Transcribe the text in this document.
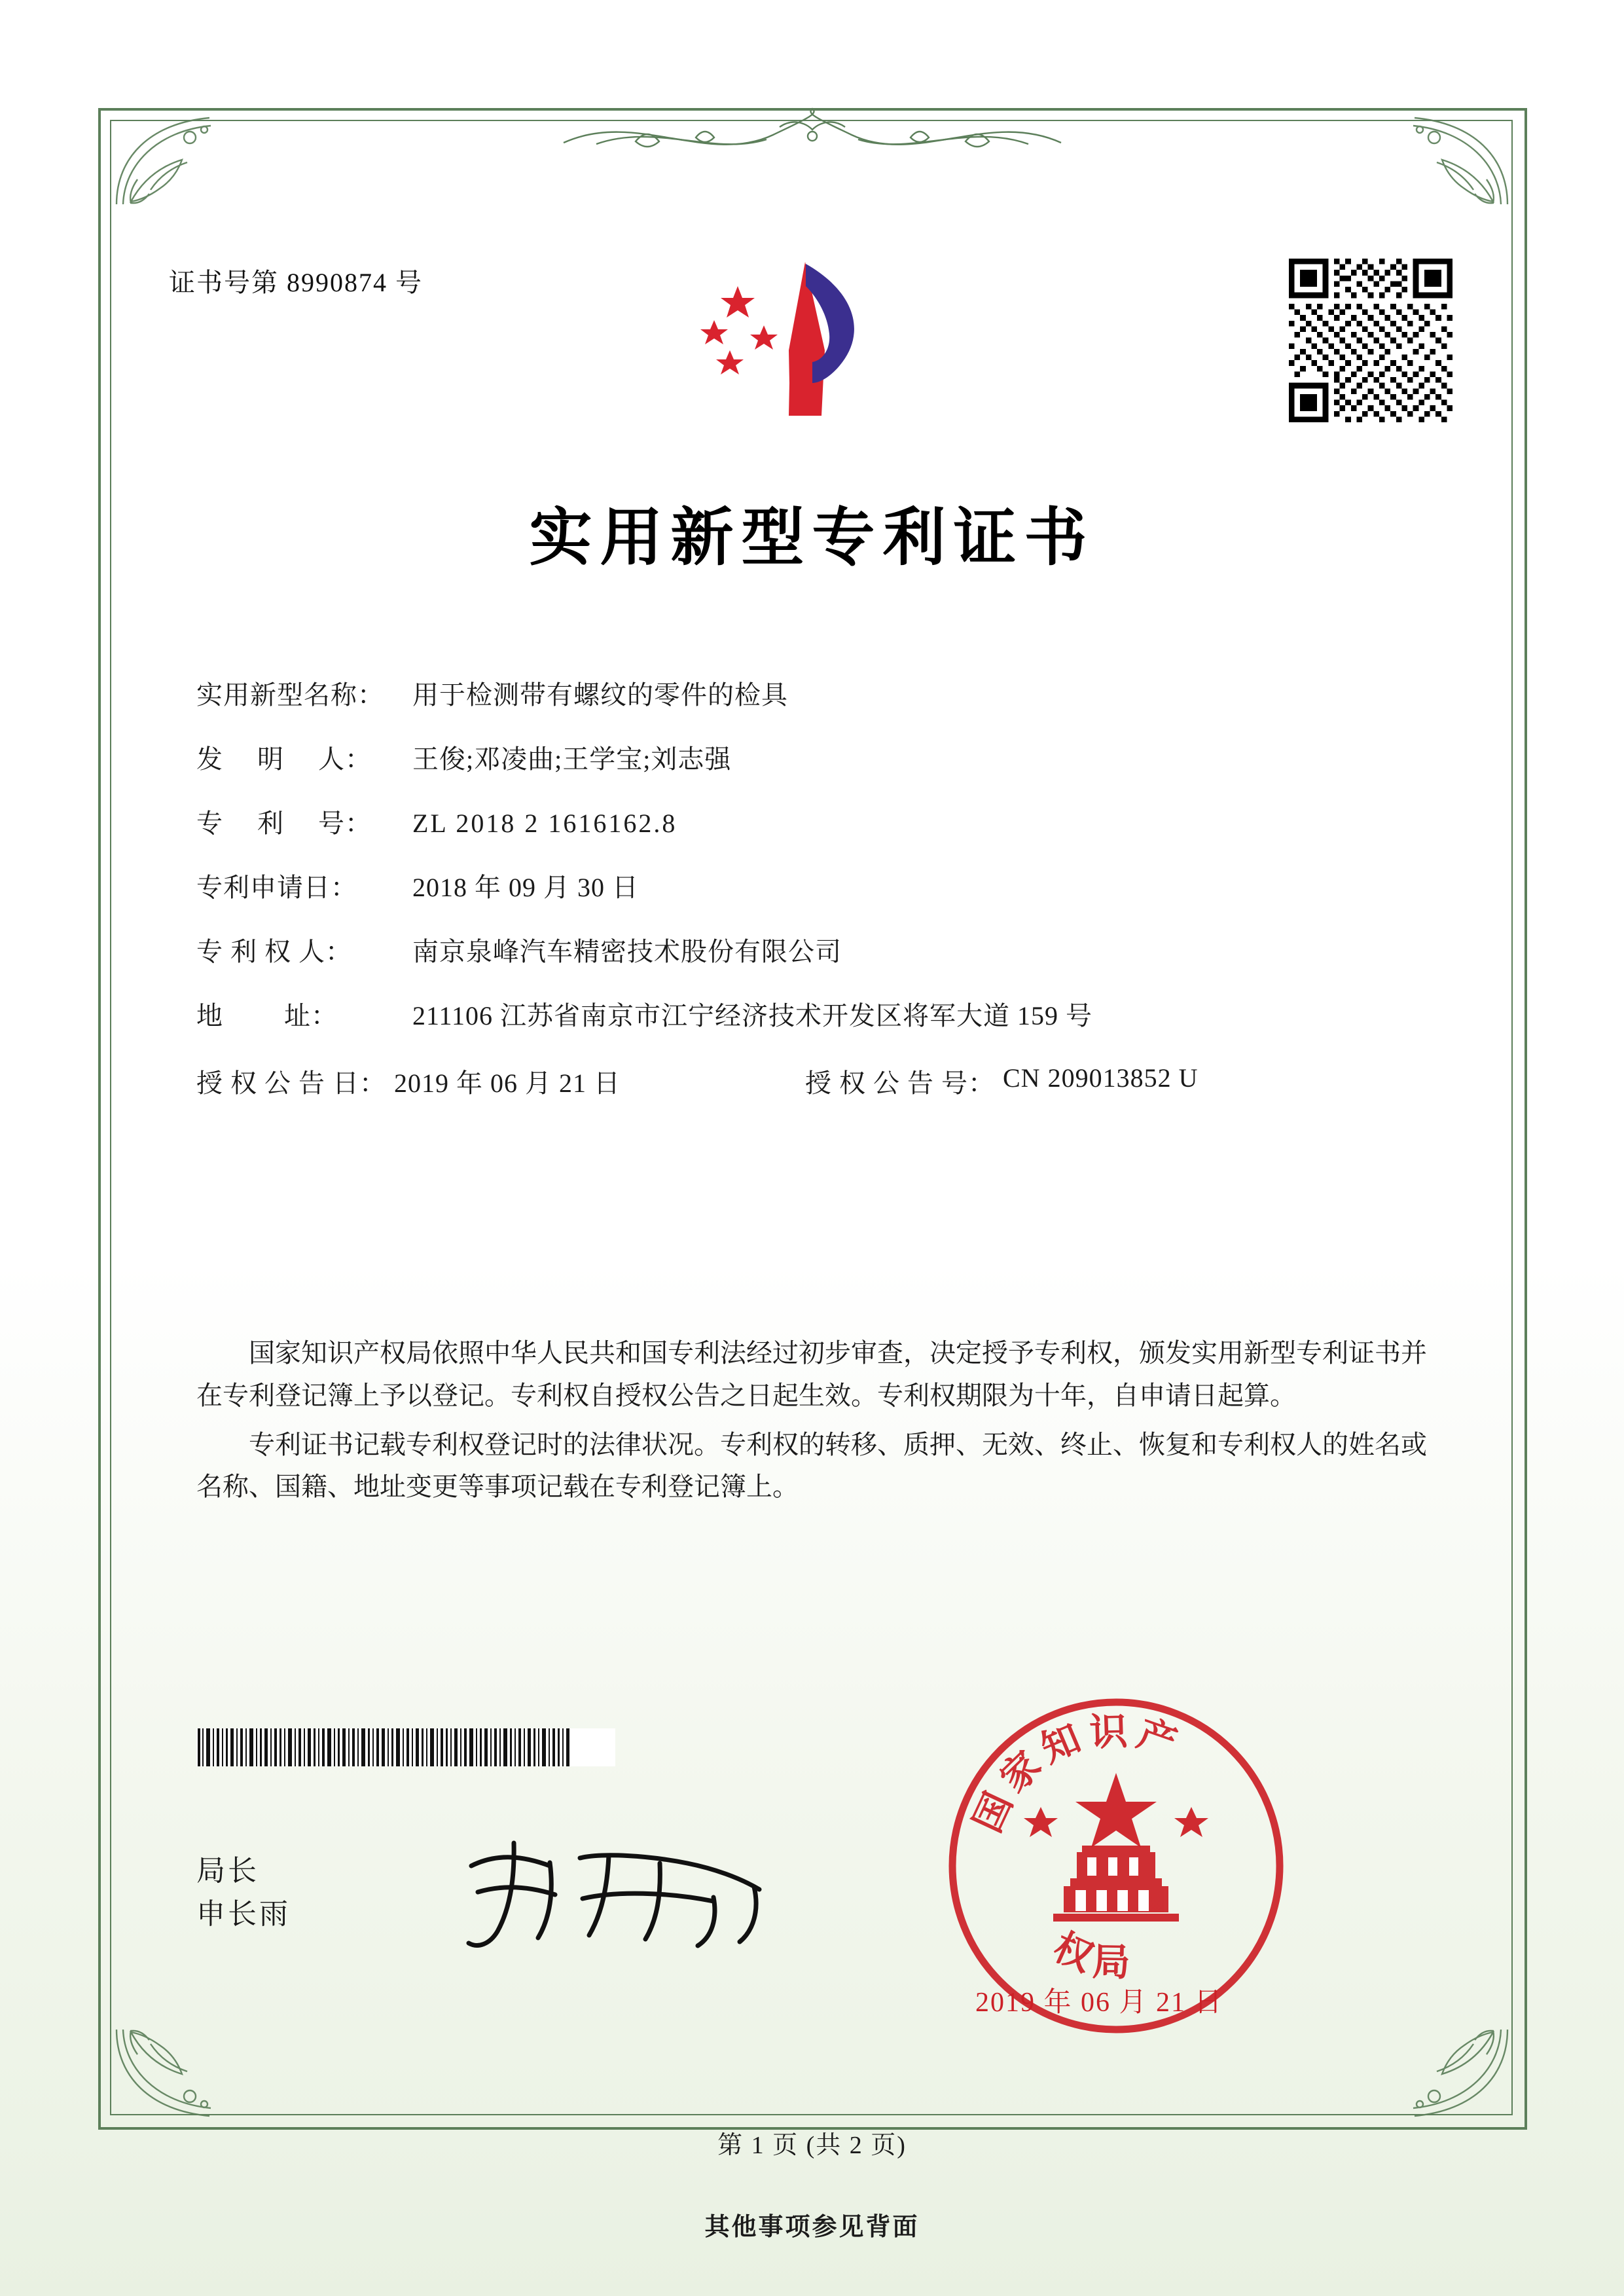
证书号第 8990874 号
实用新型专利证书
实用新型名称：	用于检测带有螺纹的零件的检具
发　 明　 人：	王俊;邓凌曲;王学宝;刘志强
专　 利　 号：	ZL 2018 2 1616162.8
专利申请日：	2018 年 09 月 30 日
专 利 权 人：	南京泉峰汽车精密技术股份有限公司
地　　 址：	211106 江苏省南京市江宁经济技术开发区将军大道 159 号
授 权 公 告 日： 2019 年 06 月 21 日	授 权 公 告 号： CN 209013852 U

国家知识产权局依照中华人民共和国专利法经过初步审查，决定授予专利权，颁发实用新型专利证书并在专利登记簿上予以登记。专利权自授权公告之日起生效。专利权期限为十年，自申请日起算。

专利证书记载专利权登记时的法律状况。专利权的转移、质押、无效、终止、恢复和专利权人的姓名或名称、国籍、地址变更等事项记载在专利登记簿上。

局长
申长雨
国家知识产
权局
2019 年 06 月 21 日
第 1 页 (共 2 页)
其他事项参见背面
